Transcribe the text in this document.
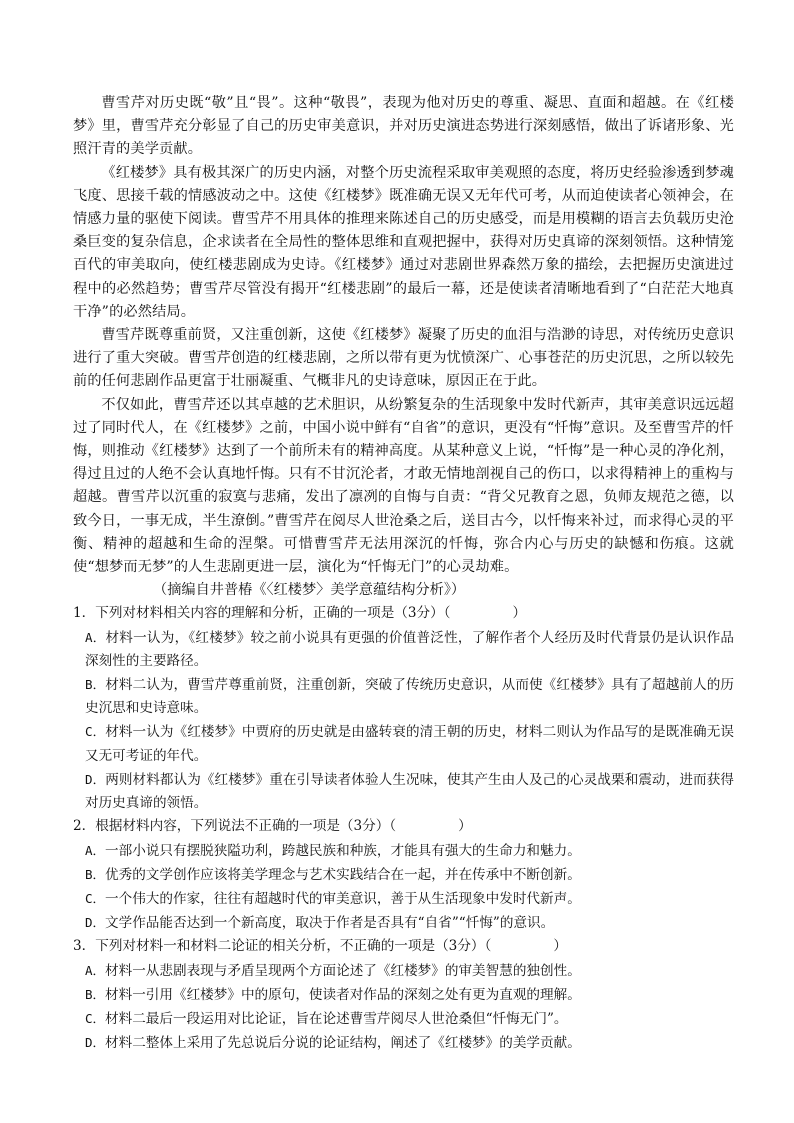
曹雪芹对历史既“敬”且“畏”。这种“敬畏”，表现为他对历史的尊重、凝思、直面和超越。在《红楼梦》里，曹雪芹充分彰显了自己的历史审美意识，并对历史演进态势进行深刻感悟，做出了诉诸形象、光照汗青的美学贡献。

《红楼梦》具有极其深广的历史内涵，对整个历史流程采取审美观照的态度，将历史经验渗透到梦魂飞度、思接千载的情感波动之中。这使《红楼梦》既准确无误又无年代可考，从而迫使读者心领神会，在情感力量的驱使下阅读。曹雪芹不用具体的推理来陈述自己的历史感受，而是用模糊的语言去负载历史沧桑巨变的复杂信息，企求读者在全局性的整体思维和直观把握中，获得对历史真谛的深刻领悟。这种情笼百代的审美取向，使红楼悲剧成为史诗。《红楼梦》通过对悲剧世界森然万象的描绘，去把握历史演进过程中的必然趋势；曹雪芹尽管没有揭开“红楼悲剧”的最后一幕，还是使读者清晰地看到了“白茫茫大地真干净”的必然结局。

曹雪芹既尊重前贤，又注重创新，这使《红楼梦》凝聚了历史的血泪与浩渺的诗思，对传统历史意识进行了重大突破。曹雪芹创造的红楼悲剧，之所以带有更为忧愤深广、心事苍茫的历史沉思，之所以较先前的任何悲剧作品更富于壮丽凝重、气概非凡的史诗意味，原因正在于此。

不仅如此，曹雪芹还以其卓越的艺术胆识，从纷繁复杂的生活现象中发时代新声，其审美意识远远超过了同时代人，在《红楼梦》之前，中国小说中鲜有“自省”的意识，更没有“忏悔”意识。及至曹雪芹的忏悔，则推动《红楼梦》达到了一个前所未有的精神高度。从某种意义上说，“忏悔”是一种心灵的净化剂，得过且过的人绝不会认真地忏悔。只有不甘沉沦者，才敢无情地剖视自己的伤口，以求得精神上的重构与超越。曹雪芹以沉重的寂寞与悲痛，发出了凛冽的自悔与自责：“背父兄教育之恩，负师友规范之德，以致今日，一事无成，半生潦倒。”曹雪芹在阅尽人世沧桑之后，送目古今，以忏悔来补过，而求得心灵的平衡、精神的超越和生命的涅槃。可惜曹雪芹无法用深沉的忏悔，弥合内心与历史的缺憾和伤痕。这就使“想梦而无梦”的人生悲剧更进一层，演化为“忏悔无门”的心灵劫难。

（摘编自井普椿《〈红楼梦〉美学意蕴结构分析》）

1．下列对材料相关内容的理解和分析，正确的一项是（3分）（	）

A．材料一认为，《红楼梦》较之前小说具有更强的价值普泛性，了解作者个人经历及时代背景仍是认识作品深刻性的主要路径。

B．材料二认为，曹雪芹尊重前贤，注重创新，突破了传统历史意识，从而使《红楼梦》具有了超越前人的历史沉思和史诗意味。

C．材料一认为《红楼梦》中贾府的历史就是由盛转衰的清王朝的历史，材料二则认为作品写的是既准确无误又无可考证的年代。

D．两则材料都认为《红楼梦》重在引导读者体验人生况味，使其产生由人及己的心灵战栗和震动，进而获得对历史真谛的领悟。

2．根据材料内容，下列说法不正确的一项是（3分）（	）

A．一部小说只有摆脱狭隘功利，跨越民族和种族，才能具有强大的生命力和魅力。

B．优秀的文学创作应该将美学理念与艺术实践结合在一起，并在传承中不断创新。

C．一个伟大的作家，往往有超越时代的审美意识，善于从生活现象中发时代新声。

D．文学作品能否达到一个新高度，取决于作者是否具有“自省”“忏悔”的意识。

3．下列对材料一和材料二论证的相关分析，不正确的一项是（3分）（	）

A．材料一从悲剧表现与矛盾呈现两个方面论述了《红楼梦》的审美智慧的独创性。

B．材料一引用《红楼梦》中的原句，使读者对作品的深刻之处有更为直观的理解。

C．材料二最后一段运用对比论证，旨在论述曹雪芹阅尽人世沧桑但“忏悔无门”。

D．材料二整体上采用了先总说后分说的论证结构，阐述了《红楼梦》的美学贡献。
